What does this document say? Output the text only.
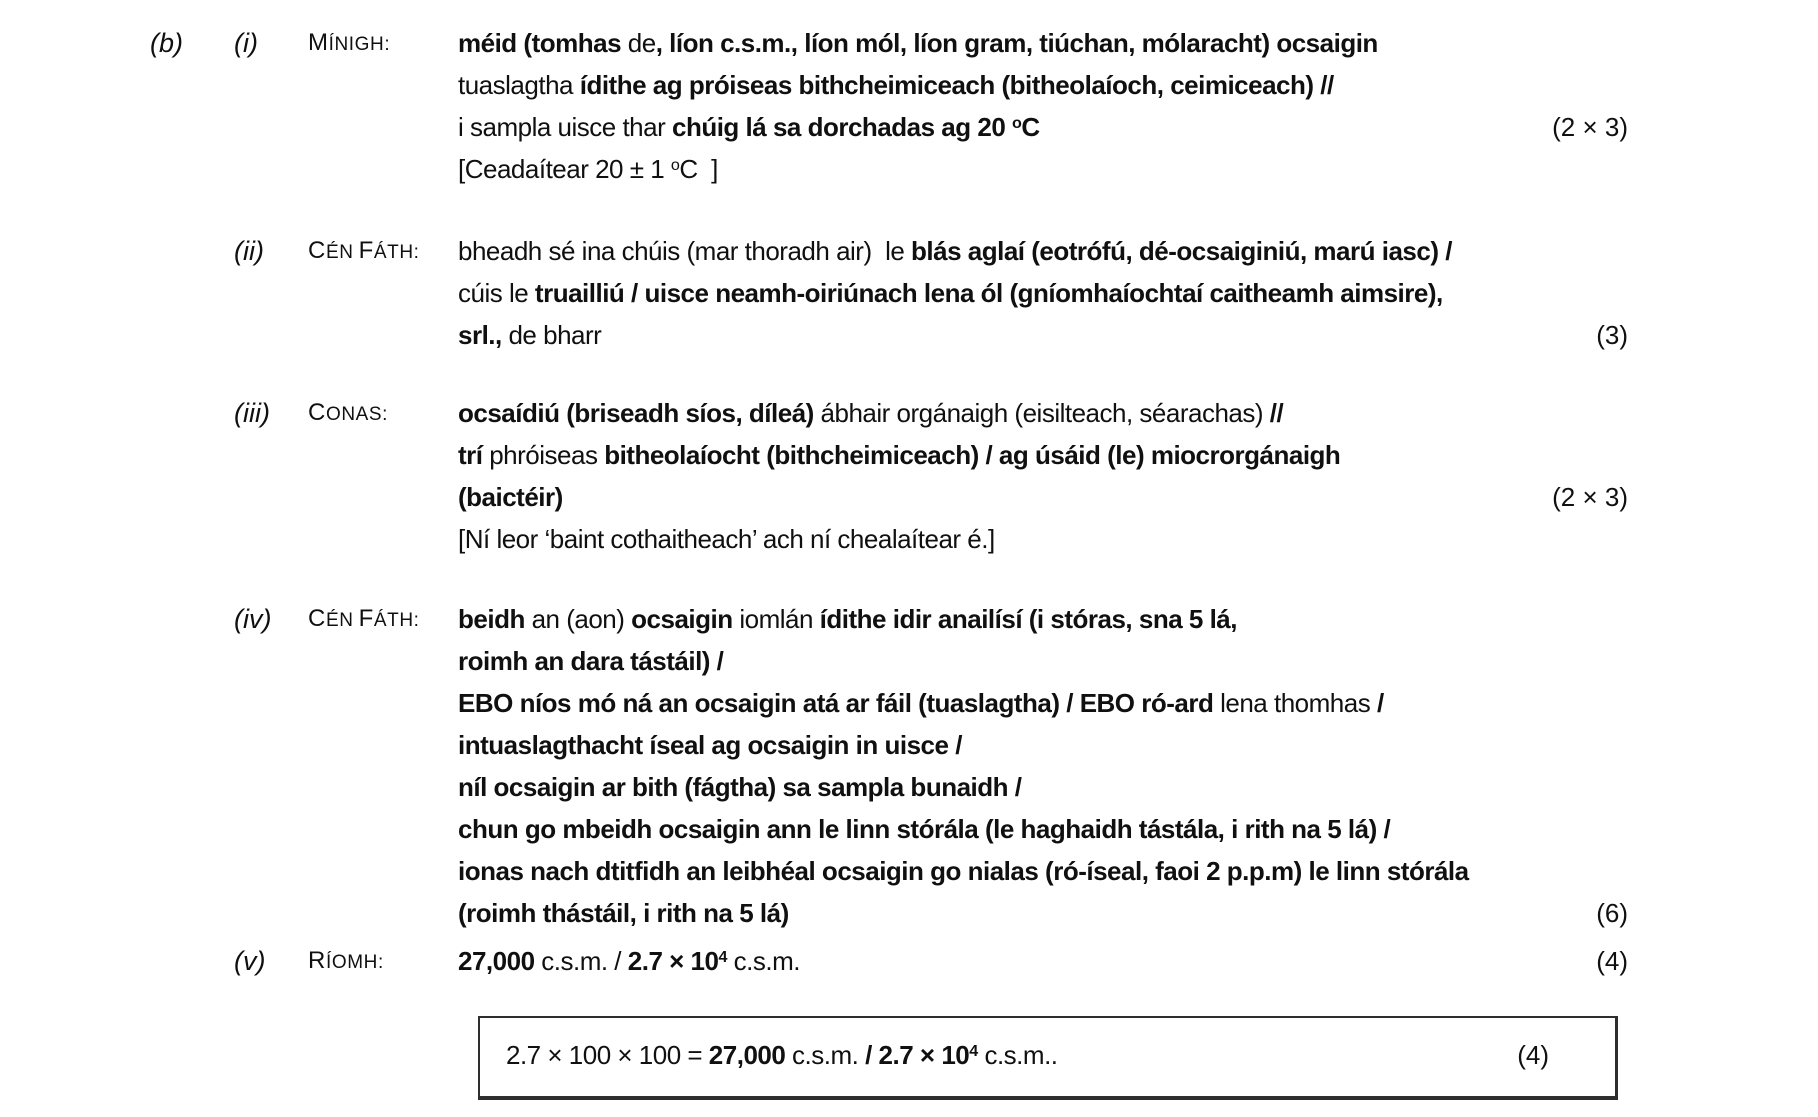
(b) (i) MÍNIGH:	méid (tomhas de, líon c.s.m., líon mól, líon gram, tiúchan, mólaracht) ocsaigin
tuaslagtha ídithe ag próiseas bithcheimiceach (bitheolaíoch, ceimiceach) //
i sampla uisce thar chúig lá sa dorchadas ag 20 $^o$C	(2 × 3)
[Ceadaítear 20 ± 1 $^o$C  ]
(ii) CÉN FÁTH: bheadh sé ina chúis (mar thoradh air)  le blás aglaí (eotrófú, dé-ocsaiginiú, marú iasc) /
cúis le truailliú / uisce neamh-oiriúnach lena ól (gníomhaíochtaí caitheamh aimsire),
srl., de bharr	(3)
(iii) CONAS:	ocsaídiú (briseadh síos, díleá) ábhair orgánaigh (eisilteach, séarachas) //
trí phróiseas bitheolaíocht (bithcheimiceach) / ag úsáid (le) miocrorgánaigh
(baictéir)	(2 × 3)
[Ní leor ‘baint cothaitheach’ ach ní chealaítear é.]
(iv) CÉN FÁTH: beidh an (aon) ocsaigin iomlán ídithe idir anailísí (i stóras, sna 5 lá,
roimh an dara tástáil) /
EBO níos mó ná an ocsaigin atá ar fáil (tuaslagtha) / EBO ró-ard lena thomhas /
intuaslagthacht íseal ag ocsaigin in uisce /
níl ocsaigin ar bith (fágtha) sa sampla bunaidh /
chun go mbeidh ocsaigin ann le linn stórála (le haghaidh tástála, i rith na 5 lá) /
ionas nach dtitfidh an leibhéal ocsaigin go nialas (ró-íseal, faoi 2 p.p.m) le linn stórála
(roimh thástáil, i rith na 5 lá)	(6)
(v) RÍOMH:	27,000 c.s.m. / $2.7 \times 10^4$ c.s.m.	(4)
2.7 × 100 × 100 = 27,000 c.s.m. / $2.7 \times 10^4$ c.s.m..	(4)
